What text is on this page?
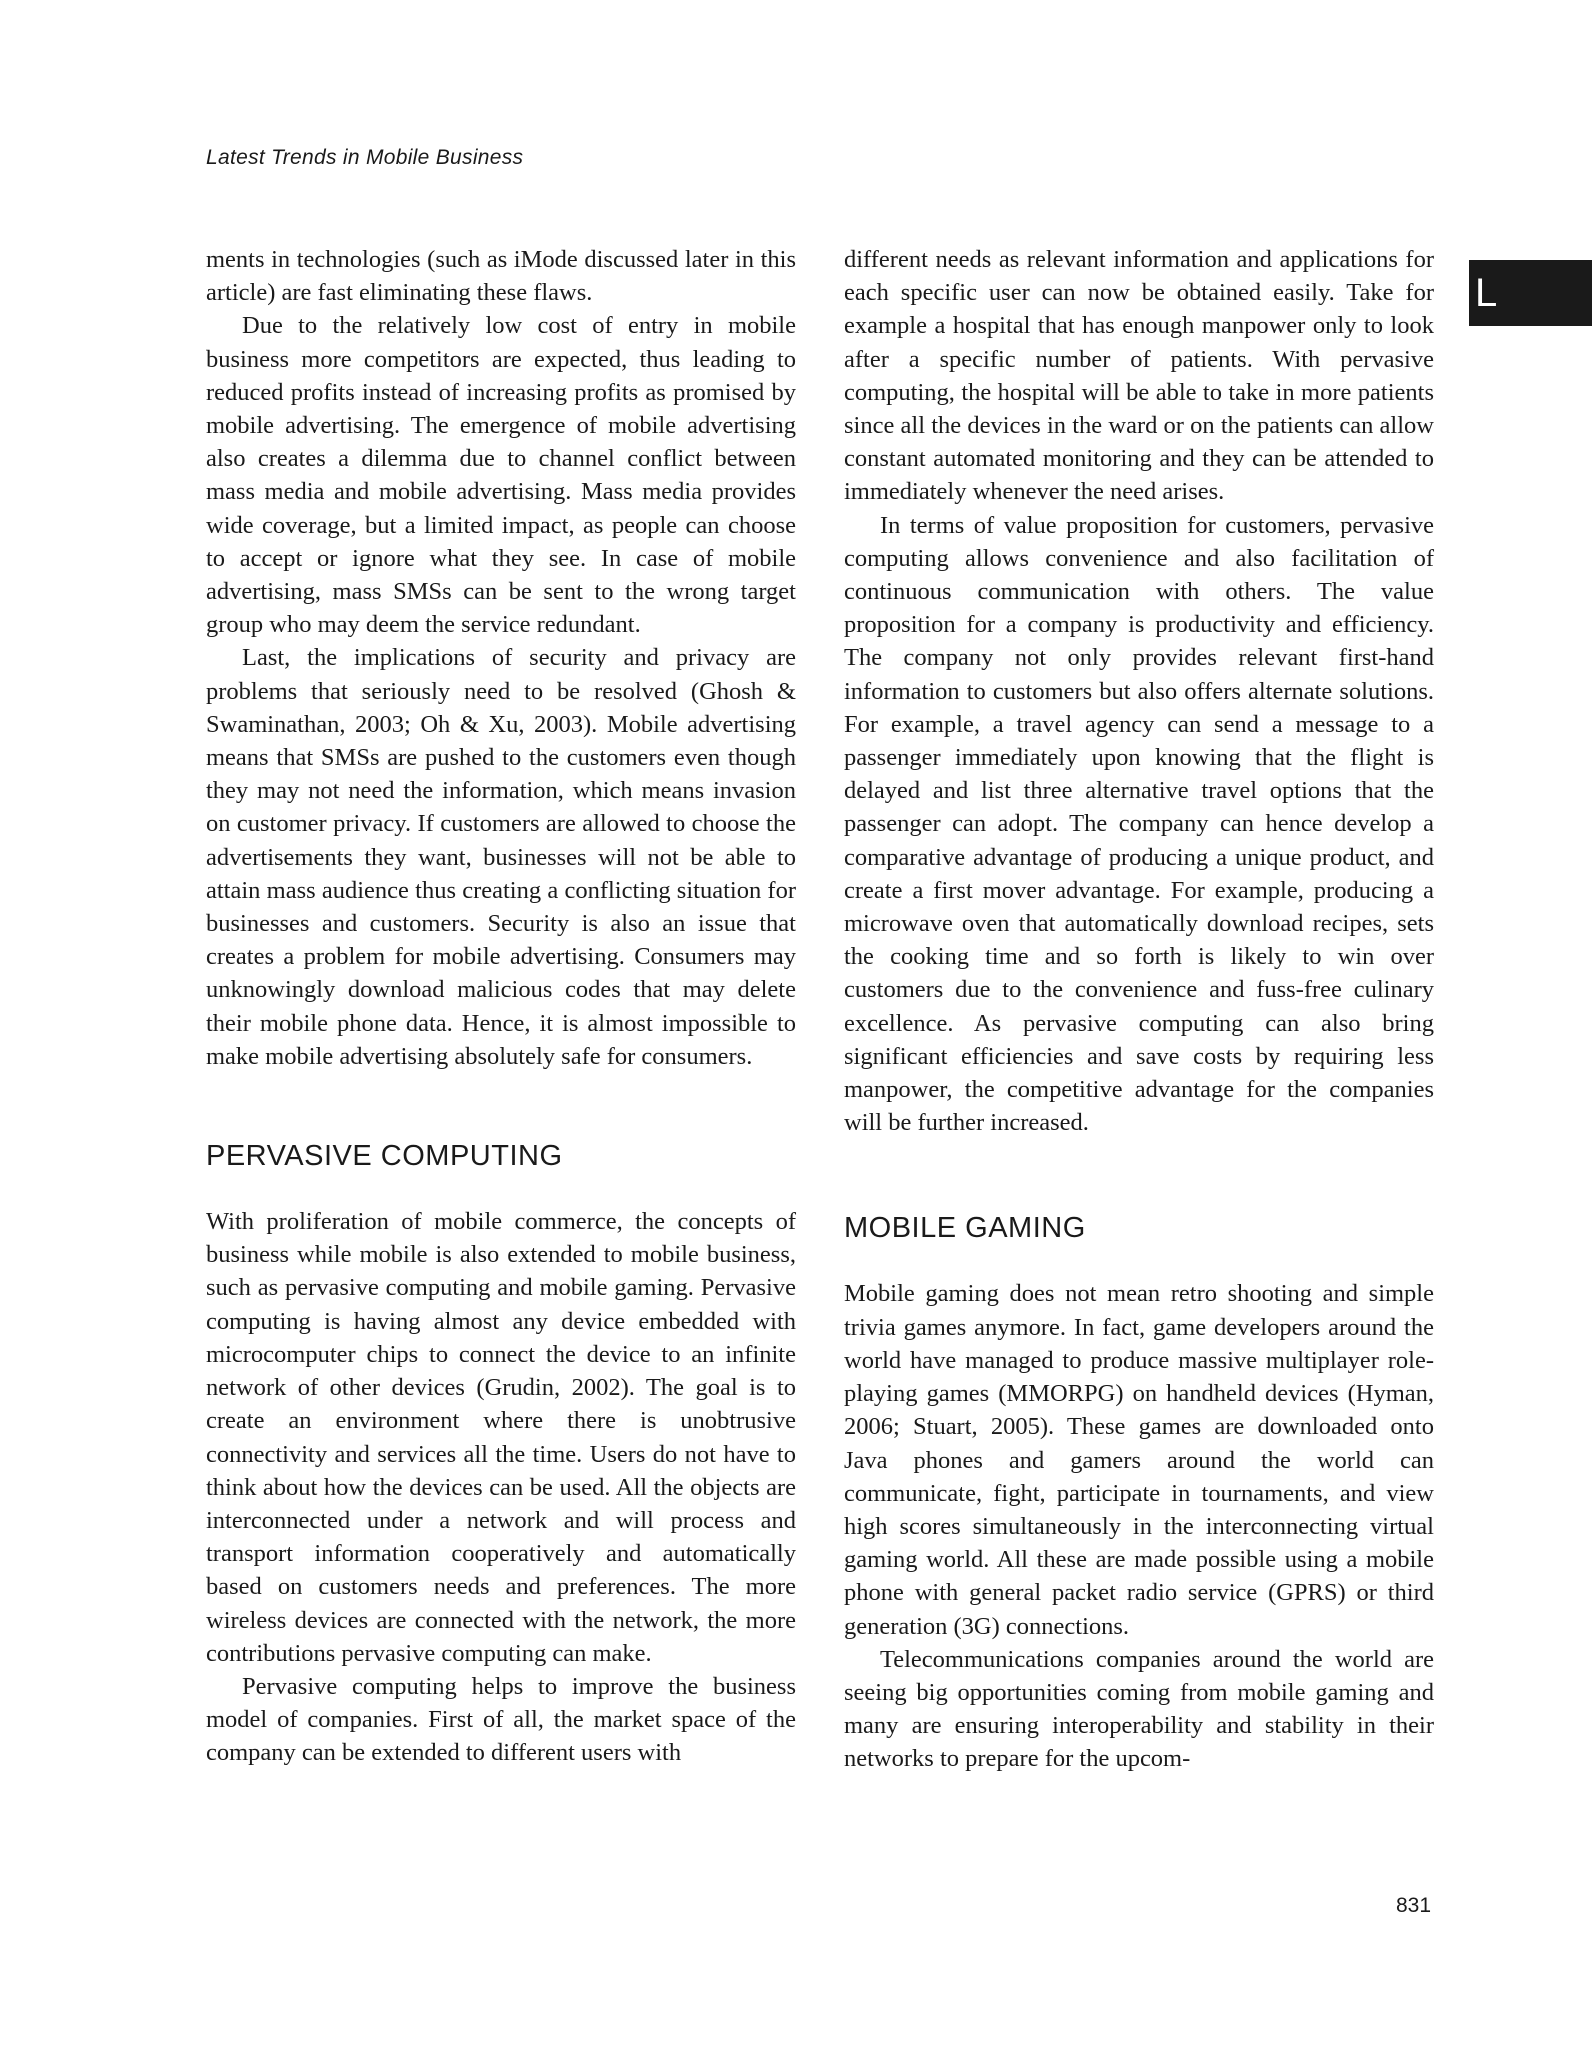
Latest Trends in Mobile Business
L

ments in technologies (such as iMode discussed later in this article) are fast eliminating these flaws.

Due to the relatively low cost of entry in mobile business more competitors are expected, thus leading to reduced profits instead of increasing profits as promised by mobile advertising. The emergence of mobile advertising also creates a dilemma due to channel conflict between mass media and mobile advertising. Mass media provides wide coverage, but a limited impact, as people can choose to accept or ignore what they see. In case of mobile advertising, mass SMSs can be sent to the wrong target group who may deem the service redundant.

Last, the implications of security and privacy are problems that seriously need to be resolved (Ghosh & Swaminathan, 2003; Oh & Xu, 2003). Mobile advertising means that SMSs are pushed to the customers even though they may not need the information, which means invasion on customer privacy. If customers are allowed to choose the advertisements they want, businesses will not be able to attain mass audience thus creating a conflicting situation for businesses and customers. Security is also an issue that creates a problem for mobile advertising. Consumers may unknowingly download malicious codes that may delete their mobile phone data. Hence, it is almost impossible to make mobile advertising absolutely safe for consumers.

PERVASIVE COMPUTING

With proliferation of mobile commerce, the concepts of business while mobile is also extended to mobile business, such as pervasive computing and mobile gaming. Pervasive computing is having almost any device embedded with microcomputer chips to connect the device to an infinite network of other devices (Grudin, 2002). The goal is to create an environment where there is unobtrusive connectivity and services all the time. Users do not have to think about how the devices can be used. All the objects are interconnected under a network and will process and transport information cooperatively and automatically based on customers needs and preferences. The more wireless devices are connected with the network, the more contributions pervasive computing can make.

Pervasive computing helps to improve the business model of companies. First of all, the market space of the company can be extended to different users with

different needs as relevant information and applications for each specific user can now be obtained easily. Take for example a hospital that has enough manpower only to look after a specific number of patients. With pervasive computing, the hospital will be able to take in more patients since all the devices in the ward or on the patients can allow constant automated monitoring and they can be attended to immediately whenever the need arises.

In terms of value proposition for customers, pervasive computing allows convenience and also facilitation of continuous communication with others. The value proposition for a company is productivity and efficiency. The company not only provides relevant first-hand information to customers but also offers alternate solutions. For example, a travel agency can send a message to a passenger immediately upon knowing that the flight is delayed and list three alternative travel options that the passenger can adopt. The company can hence develop a comparative advantage of producing a unique product, and create a first mover advantage. For example, producing a microwave oven that automatically download recipes, sets the cooking time and so forth is likely to win over customers due to the convenience and fuss-free culinary excellence. As pervasive computing can also bring significant efficiencies and save costs by requiring less manpower, the competitive advantage for the companies will be further increased.

MOBILE GAMING

Mobile gaming does not mean retro shooting and simple trivia games anymore. In fact, game developers around the world have managed to produce massive multiplayer role-playing games (MMORPG) on handheld devices (Hyman, 2006; Stuart, 2005). These games are downloaded onto Java phones and gamers around the world can communicate, fight, participate in tournaments, and view high scores simultaneously in the interconnecting virtual gaming world. All these are made possible using a mobile phone with general packet radio service (GPRS) or third generation (3G) connections.

Telecommunications companies around the world are seeing big opportunities coming from mobile gaming and many are ensuring interoperability and stability in their networks to prepare for the upcom-

831
